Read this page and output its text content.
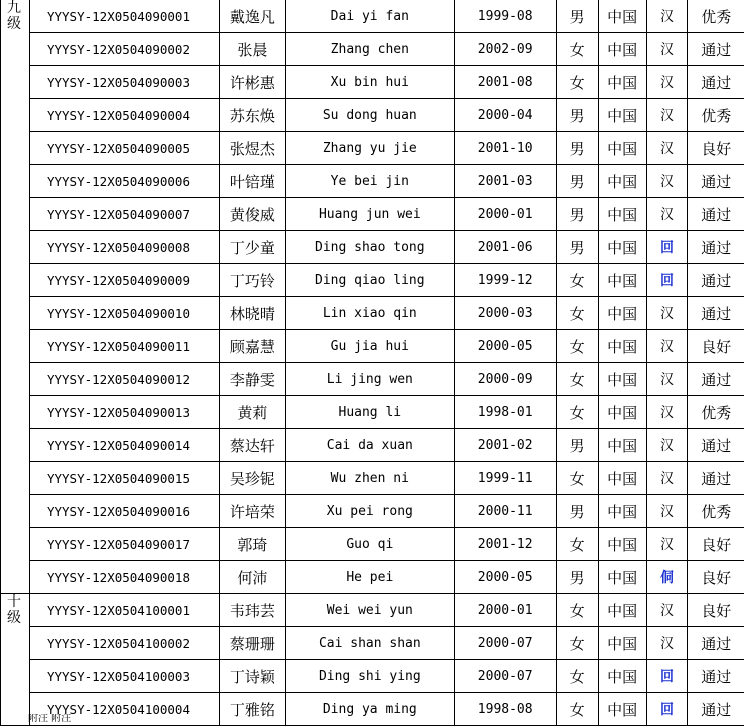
九
级	YYYSY-12X0504090001	戴逸凡	Dai yi fan	1999-08	男	中国	汉	优秀
	YYYSY-12X0504090002	张晨	Zhang chen	2002-09	女	中国	汉	通过
	YYYSY-12X0504090003	许彬惠	Xu bin hui	2001-08	女	中国	汉	通过
	YYYSY-12X0504090004	苏东焕	Su dong huan	2000-04	男	中国	汉	优秀
	YYYSY-12X0504090005	张煜杰	Zhang yu jie	2001-10	男	中国	汉	良好
	YYYSY-12X0504090006	叶锫瑾	Ye bei jin	2001-03	男	中国	汉	通过
	YYYSY-12X0504090007	黄俊威	Huang jun wei	2000-01	男	中国	汉	通过
	YYYSY-12X0504090008	丁少童	Ding shao tong	2001-06	男	中国	回	通过
	YYYSY-12X0504090009	丁巧铃	Ding qiao ling	1999-12	女	中国	回	通过
	YYYSY-12X0504090010	林晓晴	Lin xiao qin	2000-03	女	中国	汉	通过
	YYYSY-12X0504090011	顾嘉慧	Gu jia hui	2000-05	女	中国	汉	良好
	YYYSY-12X0504090012	李静雯	Li jing wen	2000-09	女	中国	汉	通过
	YYYSY-12X0504090013	黄莉	Huang li	1998-01	女	中国	汉	优秀
	YYYSY-12X0504090014	蔡达轩	Cai da xuan	2001-02	男	中国	汉	通过
	YYYSY-12X0504090015	吴珍铌	Wu zhen ni	1999-11	女	中国	汉	通过
	YYYSY-12X0504090016	许培荣	Xu pei rong	2000-11	男	中国	汉	优秀
	YYYSY-12X0504090017	郭琦	Guo qi	2001-12	女	中国	汉	良好
	YYYSY-12X0504090018	何沛	He pei	2000-05	男	中国	侗	良好

十
级	YYYSY-12X0504100001	韦玮芸	Wei wei yun	2000-01	女	中国	汉	良好
	YYYSY-12X0504100002	蔡珊珊	Cai shan shan	2000-07	女	中国	汉	通过
	YYYSY-12X0504100003	丁诗颖	Ding shi ying	2000-07	女	中国	回	通过
	YYYSY-12X0504100004	丁雅铭	Ding ya ming	1998-08	女	中国	回	通过
附注 附注
